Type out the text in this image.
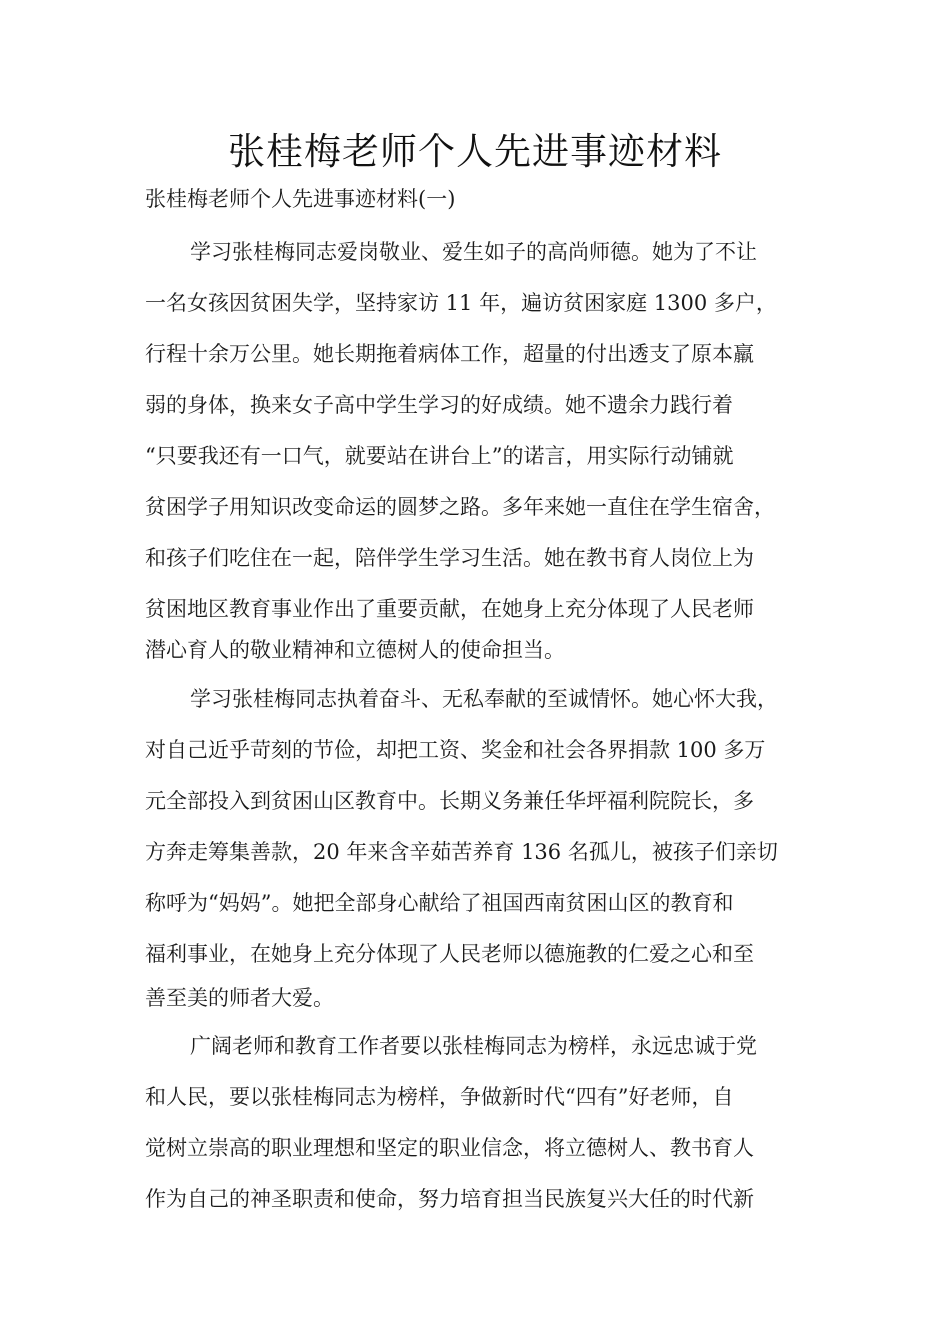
张桂梅老师个人先进事迹材料
张桂梅老师个人先进事迹材料(一)
学习张桂梅同志爱岗敬业、爱生如子的高尚师德。她为了不让
一名女孩因贫困失学，坚持家访 11 年，遍访贫困家庭 1300 多户，
行程十余万公里。她长期拖着病体工作，超量的付出透支了原本羸
弱的身体，换来女子高中学生学习的好成绩。她不遗余力践行着
“只要我还有一口气，就要站在讲台上”的诺言，用实际行动铺就
贫困学子用知识改变命运的圆梦之路。多年来她一直住在学生宿舍，
和孩子们吃住在一起，陪伴学生学习生活。她在教书育人岗位上为
贫困地区教育事业作出了重要贡献，在她身上充分体现了人民老师
潜心育人的敬业精神和立德树人的使命担当。
学习张桂梅同志执着奋斗、无私奉献的至诚情怀。她心怀大我，
对自己近乎苛刻的节俭，却把工资、奖金和社会各界捐款 100 多万
元全部投入到贫困山区教育中。长期义务兼任华坪福利院院长，多
方奔走筹集善款，20 年来含辛茹苦养育 136 名孤儿，被孩子们亲切
称呼为“妈妈”。她把全部身心献给了祖国西南贫困山区的教育和
福利事业，在她身上充分体现了人民老师以德施教的仁爱之心和至
善至美的师者大爱。
广阔老师和教育工作者要以张桂梅同志为榜样，永远忠诚于党
和人民，要以张桂梅同志为榜样，争做新时代“四有”好老师，自
觉树立崇高的职业理想和坚定的职业信念，将立德树人、教书育人
作为自己的神圣职责和使命，努力培育担当民族复兴大任的时代新
